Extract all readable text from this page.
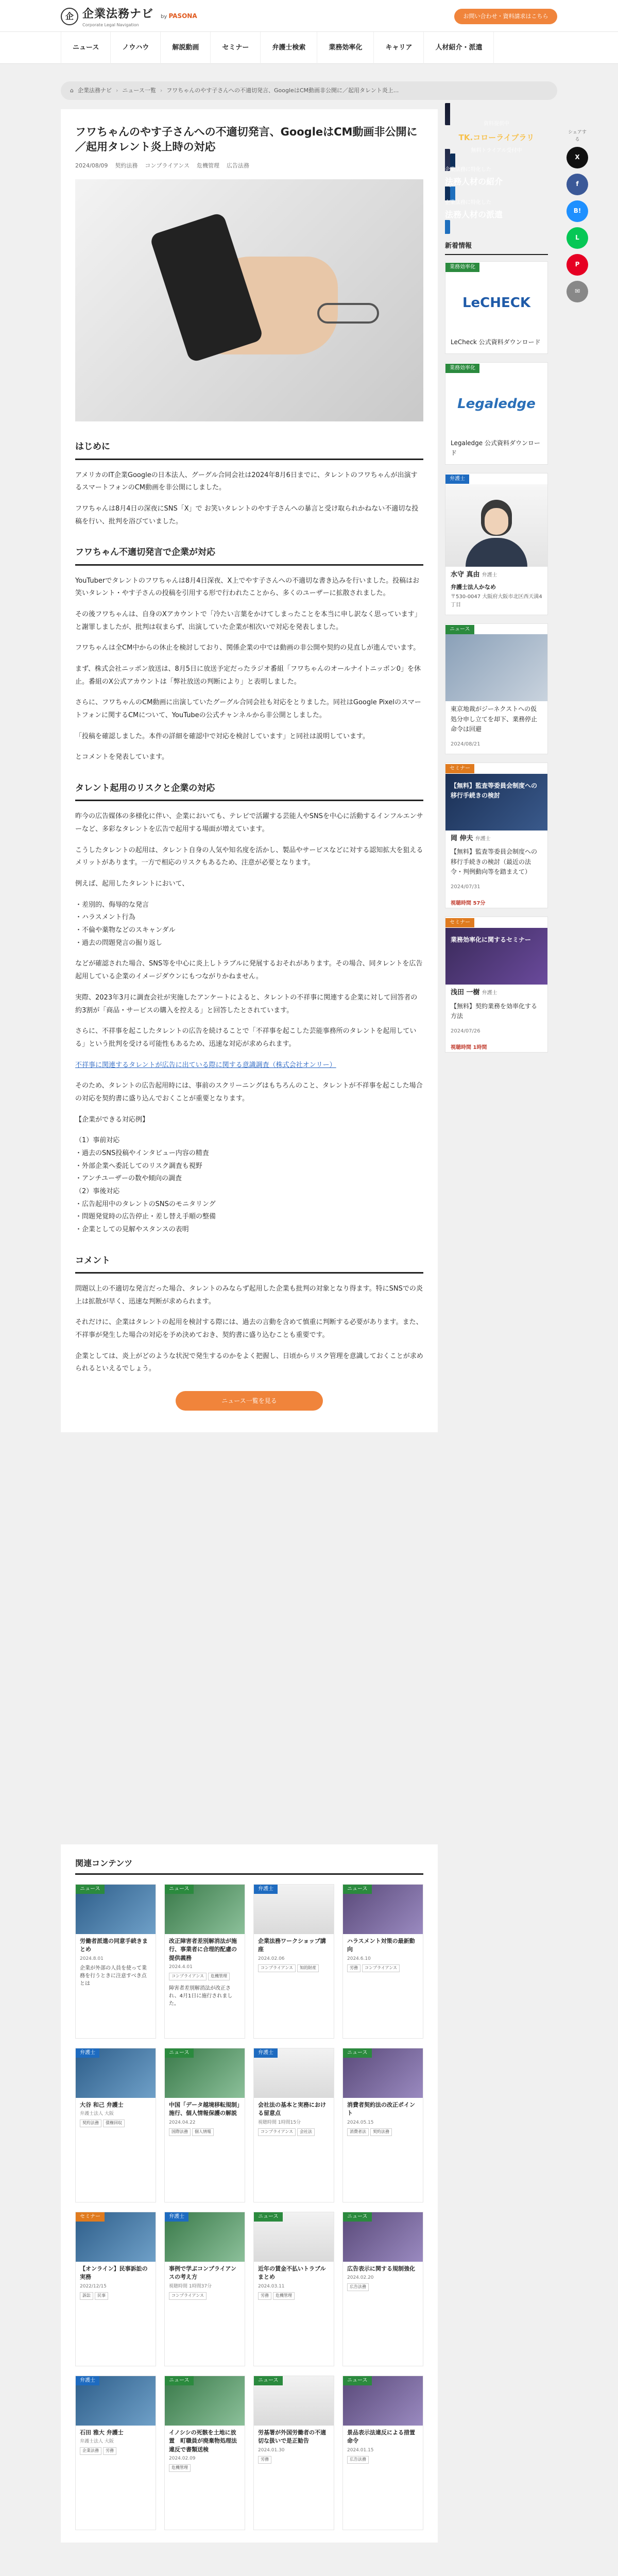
企 企業法務ナビ
Corporate Legal Navigation
by PASONA	お問い合わせ・資料請求はこちら
ニュース	ノウハウ	解説動画	セミナー	弁護士検索	業務効率化	キャリア	人材紹介・派遣
⌂ 企業法務ナビ › ニュース一覧 › フワちゃんのやす子さんへの不適切発言、GoogleはCM動画非公開に／起用タレント炎上...
フワちゃんのやす子さんへの不適切発言、GoogleはCM動画非公開に／起用タレント炎上時の対応
2024/08/09 契約法務 コンプライアンス 危機管理 広告法務
はじめに

アメリカのIT企業Googleの日本法人、グーグル合同会社は2024年8月6日までに、タレントのフワちゃんが出演するスマートフォンのCM動画を非公開にしました。

フワちゃんは8月4日の深夜にSNS「X」で お笑いタレントのやす子さんへの暴言と受け取られかねない不適切な投稿を行い、批判を浴びていました。

フワちゃん不適切発言で企業が対応

YouTuberでタレントのフワちゃんは8月4日深夜、X上でやす子さんへの不適切な書き込みを行いました。投稿はお笑いタレント・やす子さんの投稿を引用する形で行われたことから、多くのユーザーに拡散されました。

その後フワちゃんは、自身のXアカウントで「冷たい言葉をかけてしまったことを本当に申し訳なく思っています」と謝罪しましたが、批判は収まらず、出演していた企業が相次いで対応を発表しました。

フワちゃんは全CM中からの休止を検討しており、関係企業の中では動画の非公開や契約の見直しが進んでいます。

まず、株式会社ニッポン放送は、8月5日に放送予定だったラジオ番組「フワちゃんのオールナイトニッポン0」を休止。番組のX公式アカウントは「弊社放送の判断により」と表明しました。

さらに、フワちゃんのCM動画に出演していたグーグル合同会社も対応をとりました。同社はGoogle Pixelのスマートフォンに関するCMについて、YouTubeの公式チャンネルから非公開としました。

「投稿を確認しました。本件の詳細を確認中で対応を検討しています」と同社は説明しています。

とコメントを発表しています。

タレント起用のリスクと企業の対応

昨今の広告媒体の多様化に伴い、企業においても、テレビで活躍する芸能人やSNSを中心に活動するインフルエンサーなど、多彩なタレントを広告で起用する場面が増えています。

こうしたタレントの起用は、タレント自身の人気や知名度を活かし、製品やサービスなどに対する認知拡大を狙えるメリットがあります。一方で相応のリスクもあるため、注意が必要となります。

例えば、起用したタレントにおいて、

・差別的、侮辱的な発言
・ハラスメント行為
・不倫や薬物などのスキャンダル
・過去の問題発言の掘り返し

などが確認された場合、SNS等を中心に炎上しトラブルに発展するおそれがあります。その場合、同タレントを広告起用している企業のイメージダウンにもつながりかねません。

実際、2023年3月に調査会社が実施したアンケートによると、タレントの不祥事に関連する企業に対して回答者の約3割が「商品・サービスの購入を控える」と回答したとされています。

さらに、不祥事を起こしたタレントの広告を続けることで「不祥事を起こした芸能事務所のタレントを起用している」という批判を受ける可能性もあるため、迅速な対応が求められます。

不祥事に関連するタレントが広告に出ている際に関する意識調査（株式会社オンリー）

そのため、タレントの広告起用時には、事前のスクリーニングはもちろんのこと、タレントが不祥事を起こした場合の対応を契約書に盛り込んでおくことが重要となります。

【企業ができる対応例】

（1）事前対応
・過去のSNS投稿やインタビュー内容の精査
・外部企業へ委託してのリスク調査も視野
・アンチユーザーの数や傾向の調査
（2）事後対応
・広告起用中のタレントのSNSのモニタリング
・問題発覚時の広告停止・差し替え手順の整備
・企業としての見解やスタンスの表明
コメント

問題以上の不適切な発言だった場合、タレントのみならず起用した企業も批判の対象となり得ます。特にSNSでの炎上は拡散が早く、迅速な判断が求められます。

それだけに、企業はタレントの起用を検討する際には、過去の言動を含めて慎重に判断する必要があります。また、不祥事が発生した場合の対応を予め決めておき、契約書に盛り込むことも重要です。

企業としては、炎上がどのような状況で発生するのかをよく把握し、日頃からリスク管理を意識しておくことが求められるといえるでしょう。

ニュース一覧を見る
資料提供中
TK.コローライブラリ
無料トライアル受付中
企業法務に特化した
法務人材の紹介
企業法務に特化した
法務人材の派遣
新着情報
業務効率化
LeCHECK
LeCheck 公式資料ダウンロード
業務効率化
Legaledge
Legaledge 公式資料ダウンロード
弁護士
水守 真由 弁護士
弁護士法人かなめ
〒530-0047 大阪府大阪市北区西天満4丁目
ニュース
東京地裁がジーネクストへの仮処分申し立てを却下、業務停止命令は回避
2024/08/21
セミナー
【無料】監査等委員会制度への移行手続きの検討
岡 伸夫 弁護士
【無料】監査等委員会制度への移行手続きの検討（最近の法令・判例動向等を踏まえて）
2024/07/31
視聴時間 57分
セミナー
業務効率化に関するセミナー
浅田 一樹 弁護士
【無料】契約業務を効率化する方法
2024/07/26
視聴時間 1時間
シェアする
X
f
B!
L
P
✉
関連コンテンツ
ニュース
労働者派遣の同意手続きまとめ
2024.8.01
企業が外部の人員を使って業務を行うときに注意すべき点とは
ニュース
改正障害者差別解消法が施行、事業者に合理的配慮の提供義務
2024.4.01
コンプライアンス	危機管理
障害者差別解消法が改正され、4月1日に施行されました。
弁護士
企業法務ワークショップ講座
2024.02.06
コンプライアンス	知的財産
ニュース
ハラスメント対策の最新動向
2024.6.10
労務	コンプライアンス
弁護士
大谷 和己 弁護士
弁護士法人 大阪
契約法務	債権回収
ニュース
中国「データ越境移転規制」施行、個人情報保護の解説
2024.04.22
国際法務	個人情報
弁護士
会社法の基本と実務における留意点
視聴時間 1時間15分
コンプライアンス	会社法
ニュース
消費者契約法の改正ポイント
2024.05.15
消費者法	契約法務
セミナー
【オンライン】民事訴訟の実務
2022/12/15
訴訟	民事
弁護士
事例で学ぶコンプライアンスの考え方
視聴時間 1時間37分
コンプライアンス
ニュース
近年の賃金不払いトラブルまとめ
2024.03.11
労務	危機管理
ニュース
広告表示に関する規制強化
2024.02.20
広告法務
弁護士
石田 雅大 弁護士
弁護士法人 大阪
企業法務	労務
ニュース
イノシシの死骸を土地に放置　町職員が廃棄物処理法違反で書類送検
2024.02.09
危機管理
ニュース
労基署が外国労働者の不適切な扱いで是正勧告
2024.01.30
労務
ニュース
景品表示法違反による措置命令
2024.01.15
広告法務
